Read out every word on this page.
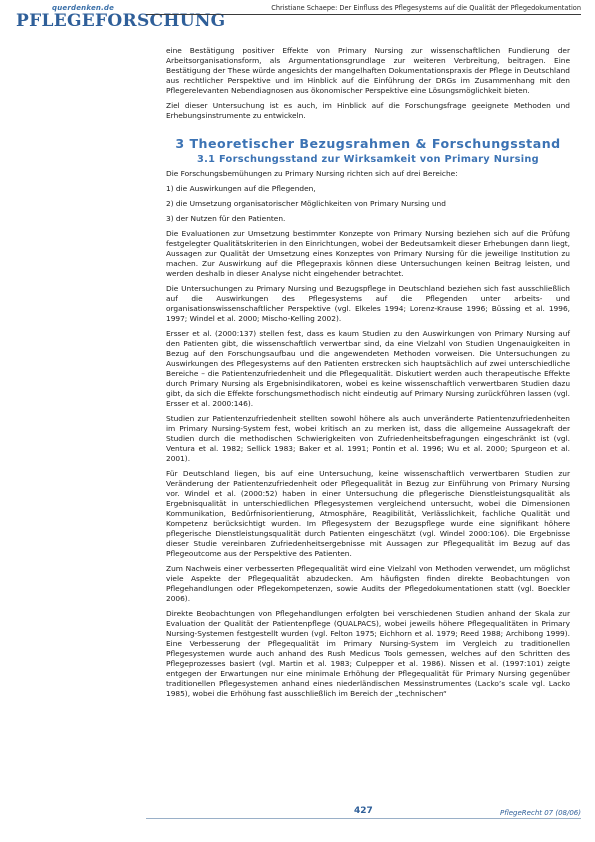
querdenken.de
PFLEGEFORSCHUNG
Christiane Schaepe: Der Einfluss des Pflegesystems auf die Qualität der Pflegedokumentation

eine Bestätigung positiver Effekte von Primary Nursing zur wissenschaftlichen Fundierung der Arbeitsorganisationsform, als Argumentationsgrundlage zur weiteren Verbreitung, beitragen. Eine Bestätigung der These würde angesichts der mangelhaften Dokumentationspraxis der Pflege in Deutschland aus rechtlicher Perspektive und im Hinblick auf die Einführung der DRGs im Zusammenhang mit den Pflegerelevanten Nebendiagnosen aus ökonomischer Perspektive eine Lösungsmöglichkeit bieten.

Ziel dieser Untersuchung ist es auch, im Hinblick auf die Forschungsfrage geeignete Methoden und Erhebungsinstrumente zu entwickeln.

3 Theoretischer Bezugsrahmen & Forschungsstand
3.1 Forschungsstand zur Wirksamkeit von Primary Nursing

Die Forschungsbemühungen zu Primary Nursing richten sich auf drei Bereiche:

1) die Auswirkungen auf die Pflegenden,

2) die Umsetzung organisatorischer Möglichkeiten von Primary Nursing und

3) der Nutzen für den Patienten.

Die Evaluationen zur Umsetzung bestimmter Konzepte von Primary Nursing beziehen sich auf die Prüfung festgelegter Qualitätskriterien in den Einrichtungen, wobei der Bedeutsamkeit dieser Erhebungen dann liegt, Aussagen zur Qualität der Umsetzung eines Konzeptes von Primary Nursing für die jeweilige Institution zu machen. Zur Auswirkung auf die Pflegepraxis können diese Untersuchungen keinen Beitrag leisten, und werden deshalb in dieser Analyse nicht eingehender betrachtet.

Die Untersuchungen zu Primary Nursing und Bezugspflege in Deutschland beziehen sich fast ausschließlich auf die Auswirkungen des Pflegesystems auf die Pflegenden unter arbeits- und organisationswissenschaftlicher Perspektive (vgl. Elkeles 1994; Lorenz-Krause 1996; Büssing et al. 1996, 1997; Windel et al. 2000; Mischo-Kelling 2002).

Ersser et al. (2000:137) stellen fest, dass es kaum Studien zu den Auswirkungen von Primary Nursing auf den Patienten gibt, die wissenschaftlich verwertbar sind, da eine Vielzahl von Studien Ungenauigkeiten in Bezug auf den Forschungsaufbau und die angewendeten Methoden vorweisen. Die Untersuchungen zu Auswirkungen des Pflegesystems auf den Patienten erstrecken sich hauptsächlich auf zwei unterschiedliche Bereiche – die Patientenzufriedenheit und die Pflegequalität. Diskutiert werden auch therapeutische Effekte durch Primary Nursing als Ergebnisindikatoren, wobei es keine wissenschaftlich verwertbaren Studien dazu gibt, da sich die Effekte forschungsmethodisch nicht eindeutig auf Primary Nursing zurückführen lassen (vgl. Ersser et al. 2000:146).

Studien zur Patientenzufriedenheit stellten sowohl höhere als auch unveränderte Patientenzufriedenheiten im Primary Nursing-System fest, wobei kritisch an zu merken ist, dass die allgemeine Aussagekraft der Studien durch die methodischen Schwierigkeiten von Zufriedenheitsbefragungen eingeschränkt ist (vgl. Ventura et al. 1982; Sellick 1983; Baker et al. 1991; Pontin et al. 1996; Wu et al. 2000; Spurgeon et al. 2001).

Für Deutschland liegen, bis auf eine Untersuchung, keine wissenschaftlich verwertbaren Studien zur Veränderung der Patientenzufriedenheit oder Pflegequalität in Bezug zur Einführung von Primary Nursing vor. Windel et al. (2000:52) haben in einer Untersuchung die pflegerische Dienstleistungsqualität als Ergebnisqualität in unterschiedlichen Pflegesystemen vergleichend untersucht, wobei die Dimensionen Kommunikation, Bedürfnisorientierung, Atmosphäre, Reagibilität, Verlässlichkeit, fachliche Qualität und Kompetenz berücksichtigt wurden. Im Pflegesystem der Bezugspflege wurde eine signifikant höhere pflegerische Dienstleistungsqualität durch Patienten eingeschätzt (vgl. Windel 2000:106). Die Ergebnisse dieser Studie vereinbaren Zufriedenheitsergebnisse mit Aussagen zur Pflegequalität im Bezug auf das Pflegeoutcome aus der Perspektive des Patienten.

Zum Nachweis einer verbesserten Pflegequalität wird eine Vielzahl von Methoden verwendet, um möglichst viele Aspekte der Pflegequalität abzudecken. Am häufigsten finden direkte Beobachtungen von Pflegehandlungen oder Pflegekompetenzen, sowie Audits der Pflegedokumentationen statt (vgl. Boeckler 2006).

Direkte Beobachtungen von Pflegehandlungen erfolgten bei verschiedenen Studien anhand der Skala zur Evaluation der Qualität der Patientenpflege (QUALPACS), wobei jeweils höhere Pflegequalitäten in Primary Nursing-Systemen festgestellt wurden (vgl. Felton 1975; Eichhorn et al. 1979; Reed 1988; Archibong 1999). Eine Verbesserung der Pflegequalität im Primary Nursing-System im Vergleich zu traditionellen Pflegesystemen wurde auch anhand des Rush Medicus Tools gemessen, welches auf den Schritten des Pflegeprozesses basiert (vgl. Martin et al. 1983; Culpepper et al. 1986). Nissen et al. (1997:101) zeigte entgegen der Erwartungen nur eine minimale Erhöhung der Pflegequalität für Primary Nursing gegenüber traditionellen Pflegesystemen anhand eines niederländischen Messinstrumentes (Lacko’s scale vgl. Lacko 1985), wobei die Erhöhung fast ausschließlich im Bereich der „technischen“

427	PflegeRecht 07 (08/06)
